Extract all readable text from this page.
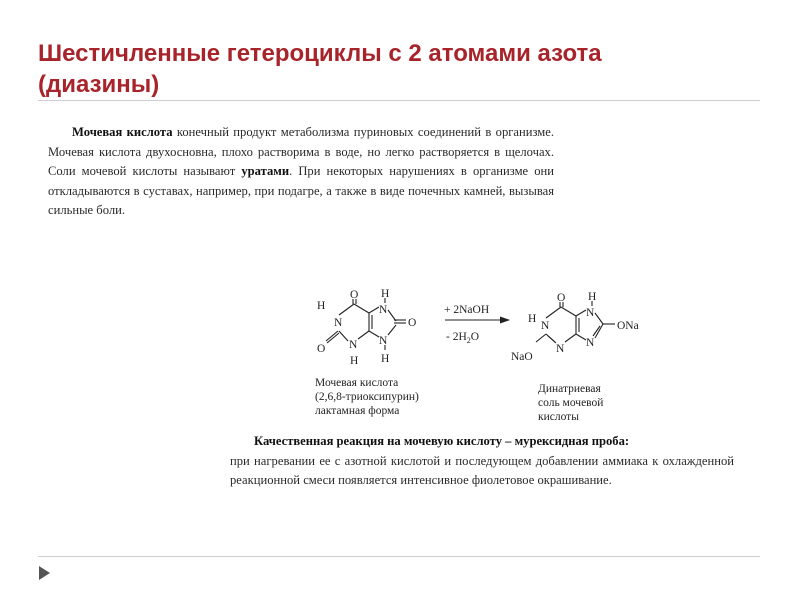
Шестичленные гетероциклы с 2 атомами азота
(диазины)

Мочевая кислота конечный продукт метаболизма пуриновых соединений в организме. Мочевая кислота двухосновна, плохо растворима в воде, но легко растворяется в щелочах. Соли мочевой кислоты называют уратами. При некоторых нарушениях в организме они откладываются в суставах, например, при подагре, а также в виде почечных камней, вызывая сильные боли.

O
H
N
O N
H
H
N
O
N
H
+ 2NaOH
- $2H_2O$
O
H
N
NaO
N
H
N
ONa
N
Мочевая кислота
(2,6,8-триоксипурин)
лактамная форма
Динатриевая
соль мочевой
кислоты

Качественная реакция на мочевую кислоту – мурексидная проба:
при нагревании ее с азотной кислотой и последующем добавлении аммиака к охлажденной реакционной смеси появляется интенсивное фиолетовое окрашивание.
